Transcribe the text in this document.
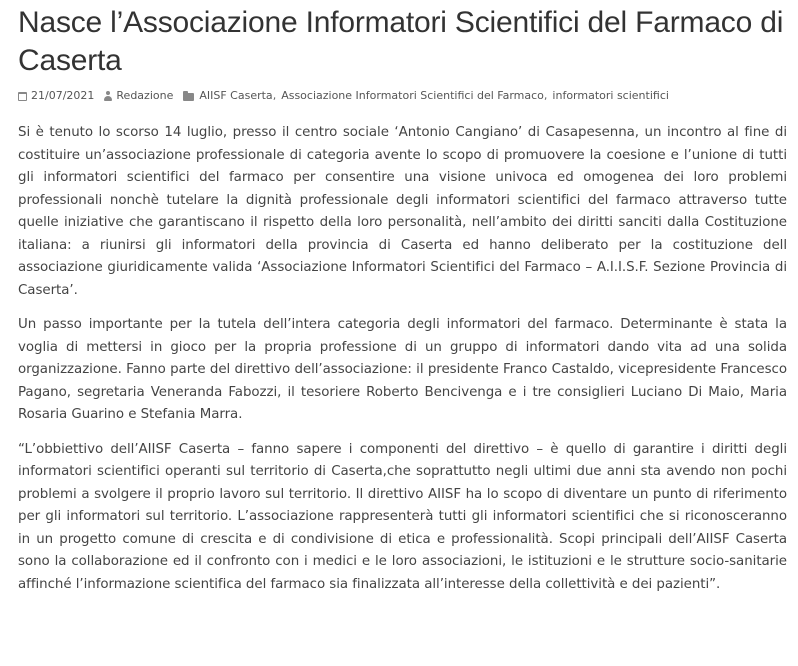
Nasce l’Associazione Informatori Scientifici del Farmaco di Caserta
21/07/2021 Redazione AIISF Caserta , Associazione Informatori Scientifici del Farmaco , informatori scientifici

Si è tenuto lo scorso 14 luglio, presso il centro sociale ‘Antonio Cangiano’ di Casapesenna, un incontro al fine di costituire un’associazione professionale di categoria avente lo scopo di promuovere la coesione e l’unione di tutti gli informatori scientifici del farmaco per consentire una visione univoca ed omogenea dei loro problemi professionali nonchè tutelare la dignità professionale degli informatori scientifici del farmaco attraverso tutte quelle iniziative che garantiscano il rispetto della loro personalità, nell’ambito dei diritti sanciti dalla Costituzione italiana: a riunirsi gli informatori della provincia di Caserta ed hanno deliberato per la costituzione dell associazione giuridicamente valida ‘Associazione Informatori Scientifici del Farmaco – A.I.I.S.F. Sezione Provincia di Caserta’.

Un passo importante per la tutela dell’intera categoria degli informatori del farmaco. Determinante è stata la voglia di mettersi in gioco per la propria professione di un gruppo di informatori dando vita ad una solida organizzazione. Fanno parte del direttivo dell’associazione: il presidente Franco Castaldo, vicepresidente Francesco Pagano, segretaria Veneranda Fabozzi, il tesoriere Roberto Bencivenga e i tre consiglieri Luciano Di Maio, Maria Rosaria Guarino e Stefania Marra.

“L’obbiettivo dell’AIISF Caserta – fanno sapere i componenti del direttivo – è quello di garantire i diritti degli informatori scientifici operanti sul territorio di Caserta,che soprattutto negli ultimi due anni sta avendo non pochi problemi a svolgere il proprio lavoro sul territorio. Il direttivo AIISF ha lo scopo di diventare un punto di riferimento per gli informatori sul territorio. L’associazione rappresenterà tutti gli informatori scientifici che si riconosceranno in un progetto comune di crescita e di condivisione di etica e professionalità. Scopi principali dell’AIISF Caserta sono la collaborazione ed il confronto con i medici e le loro associazioni, le istituzioni e le strutture socio-sanitarie affinché l’informazione scientifica del farmaco sia finalizzata all’interesse della collettività e dei pazienti”.
